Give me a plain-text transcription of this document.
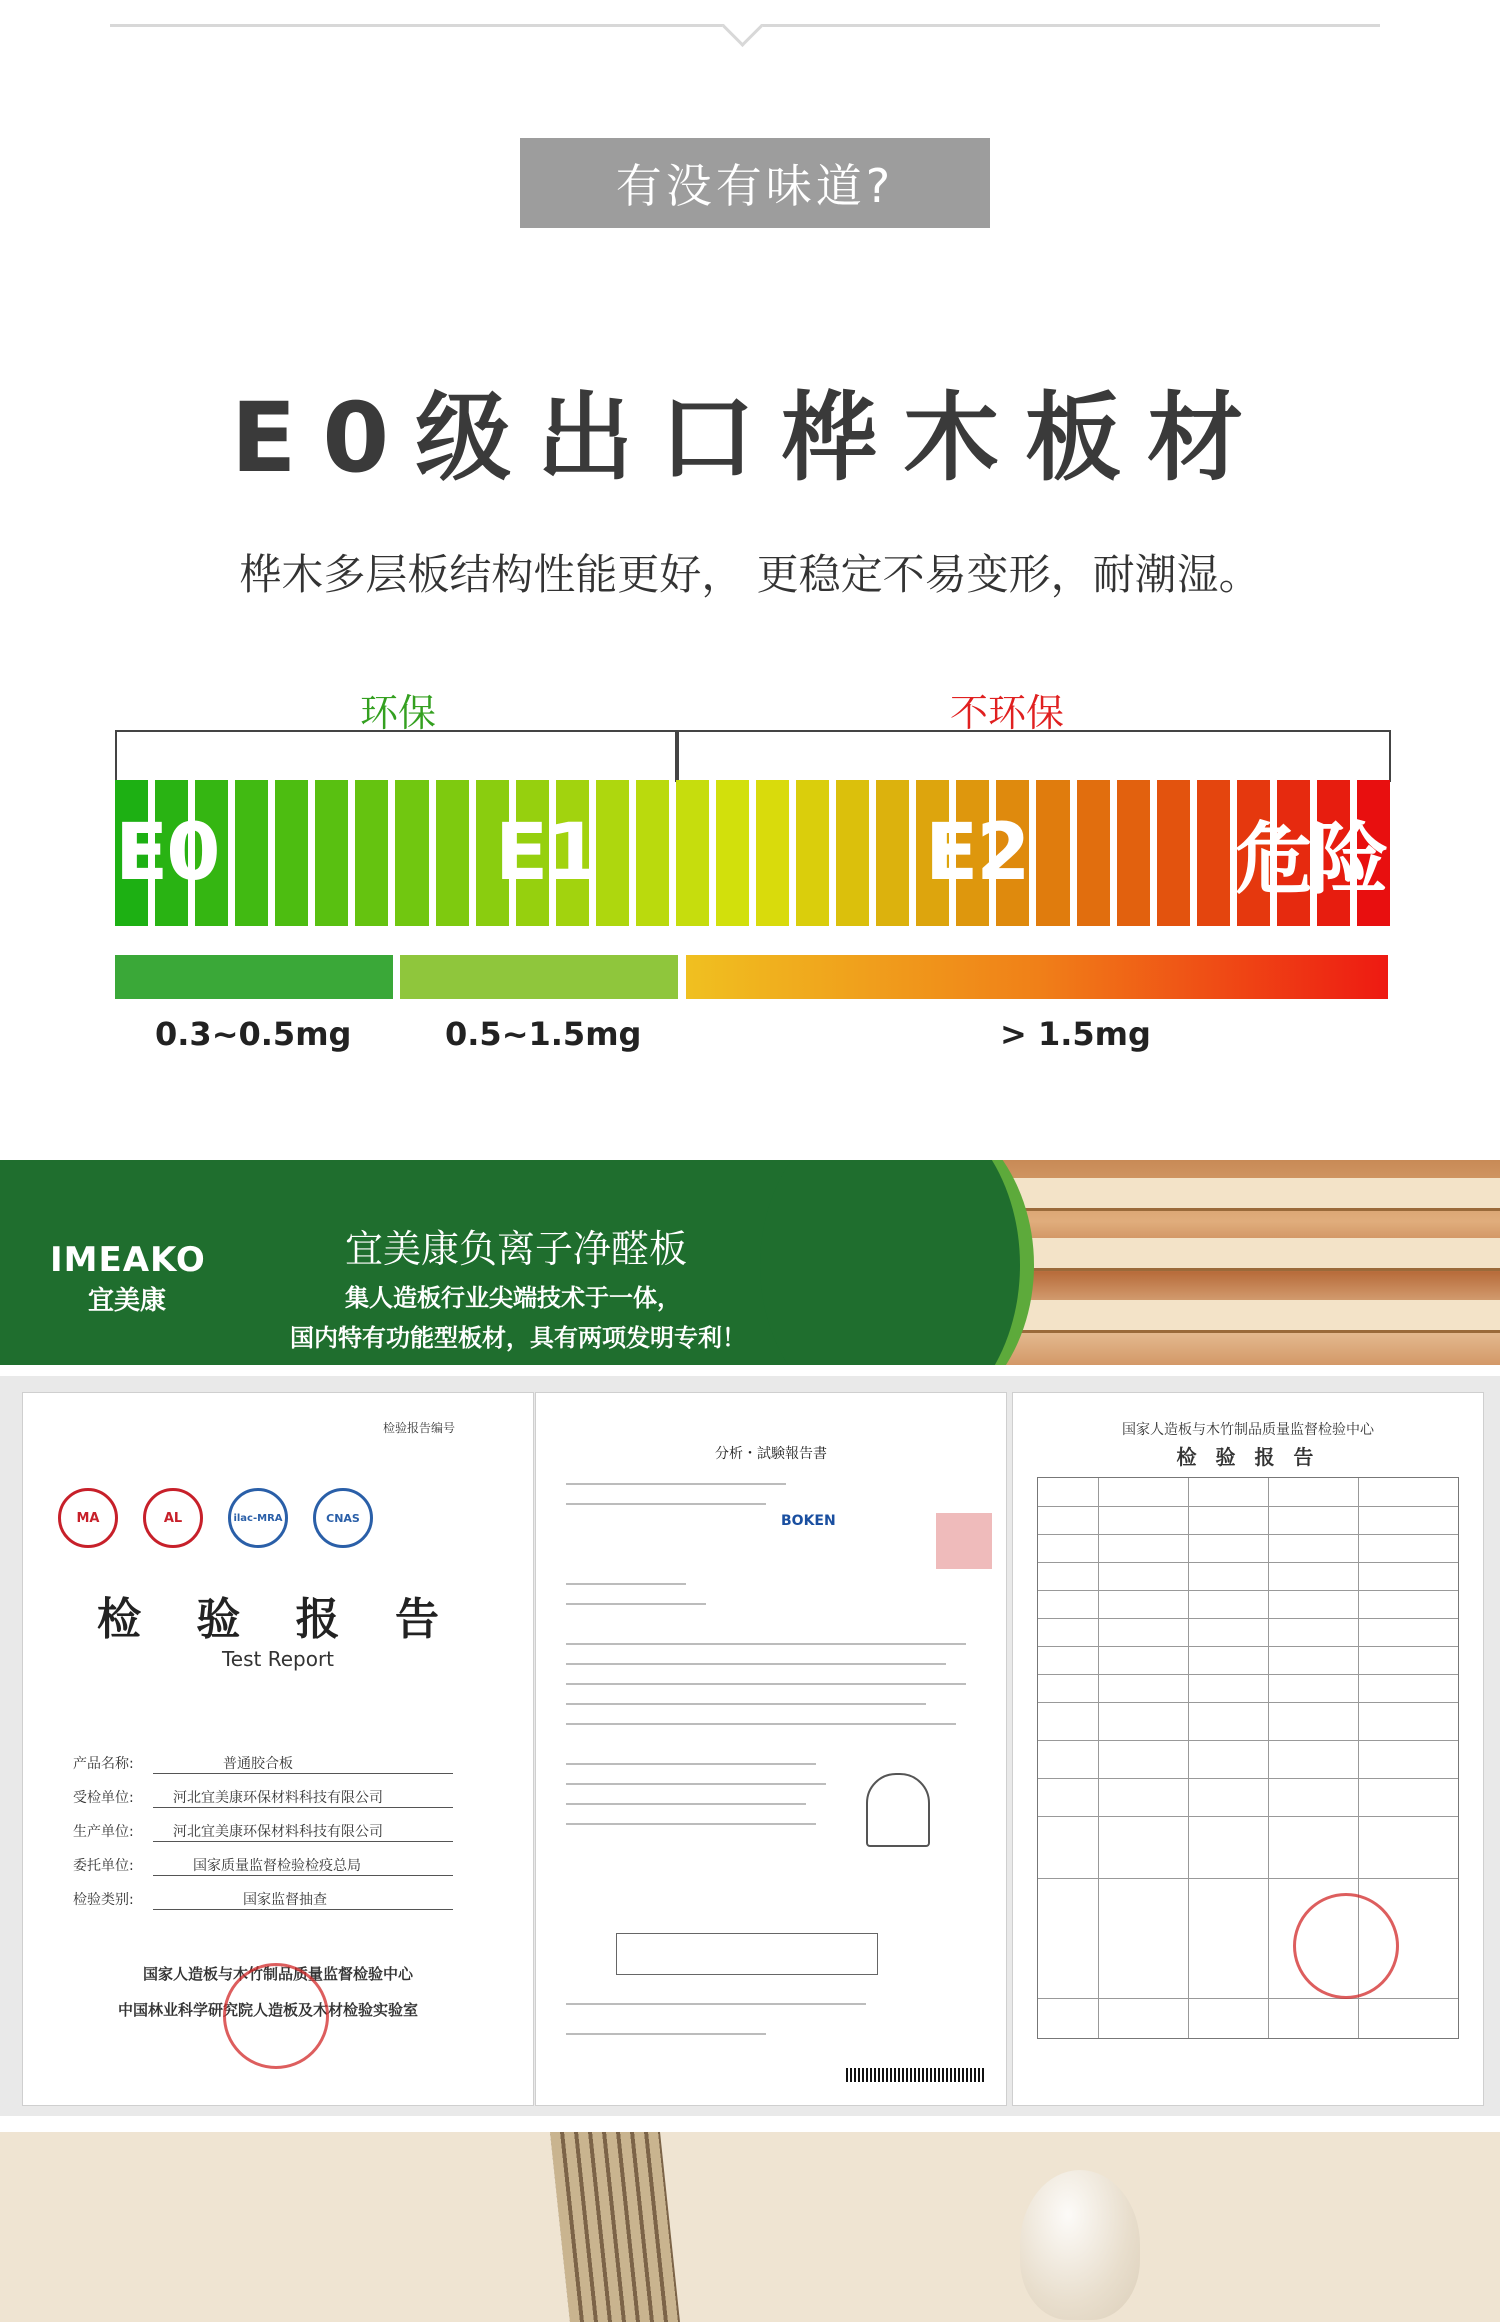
有没有味道?
E0级出口桦木板材
桦木多层板结构性能更好， 更稳定不易变形，耐潮湿。
环保	不环保
E0	E1	E2	危险
0.3~0.5mg	0.5~1.5mg	> 1.5mg
IMEAKO
宜美康
宜美康负离子净醛板
集人造板行业尖端技术于一体，
国内特有功能型板材，具有两项发明专利！
检验报告编号
MA	AL	ilac-MRA	CNAS
检 验 报 告
Test Report
产品名称:	普通胶合板
受检单位:	河北宜美康环保材料科技有限公司
生产单位:	河北宜美康环保材料科技有限公司
委托单位:	国家质量监督检验检疫总局
检验类别:	国家监督抽查
国家人造板与木竹制品质量监督检验中心
中国林业科学研究院人造板及木材检验实验室
分析・試験報告書
BOKEN
国家人造板与木竹制品质量监督检验中心
检 验 报 告
